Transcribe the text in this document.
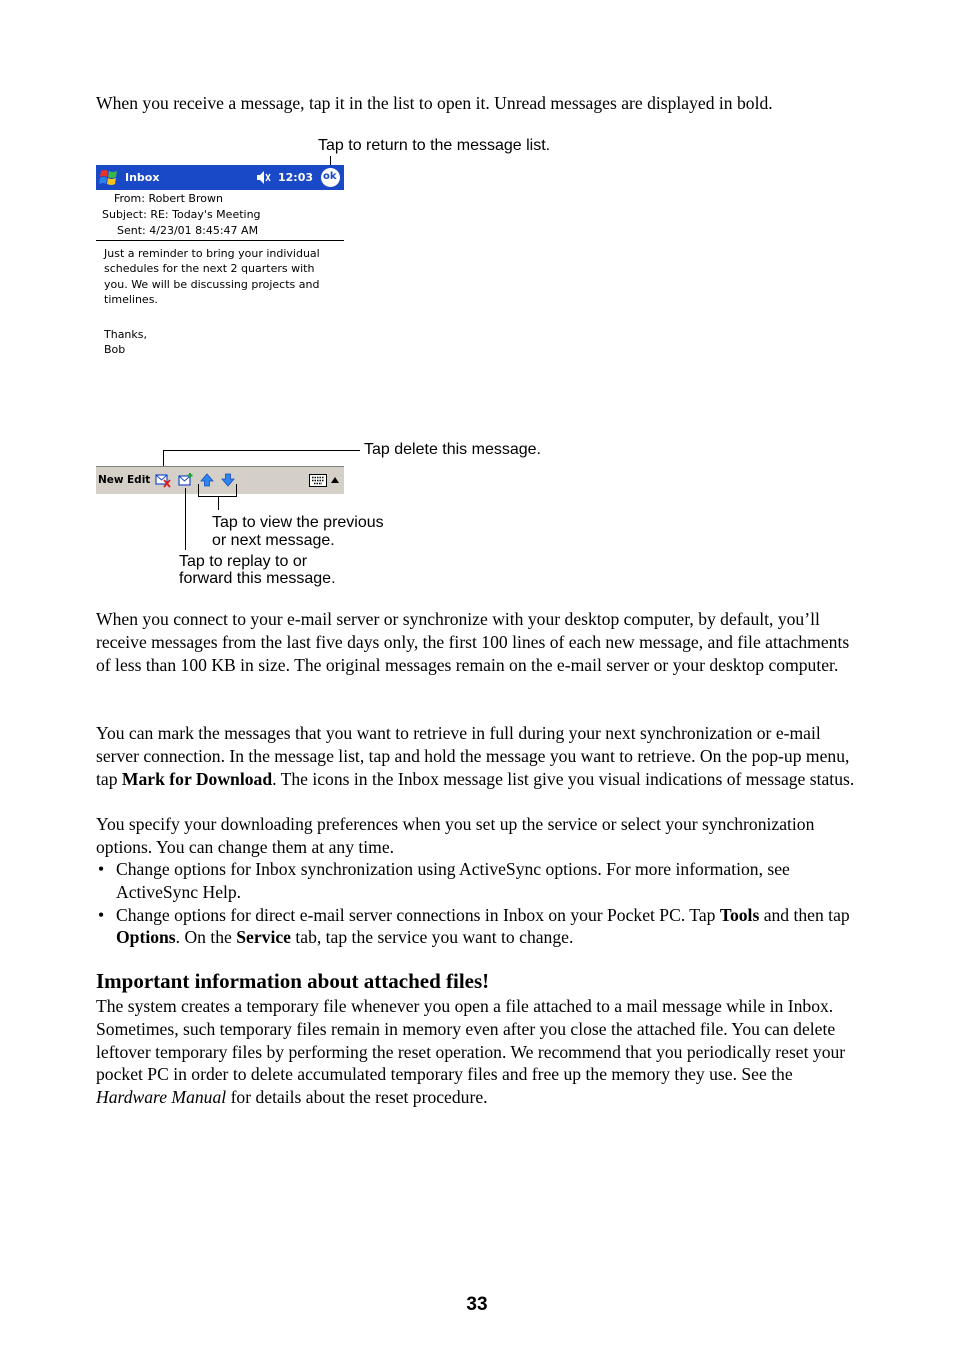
When you receive a message, tap it in the list to open it. Unread messages are displayed in bold.
Tap to return to the message list.
Inbox	12:03 ok
From: Robert Brown
Subject: RE: Today's Meeting
Sent: 4/23/01 8:45:47 AM
Just a reminder to bring your individual
schedules for the next 2 quarters with
you. We will be discussing projects and
timelines.
Thanks,
Bob
Tap delete this message.
New Edit
Tap to view the previous
or next message.
Tap to replay to or
forward this message.
When you connect to your e-mail server or synchronize with your desktop computer, by default, you’ll receive messages from the last five days only, the first 100 lines of each new message, and file attachments of less than 100 KB in size. The original messages remain on the e-mail server or your desktop computer.
You can mark the messages that you want to retrieve in full during your next synchronization or e-mail server connection. In the message list, tap and hold the message you want to retrieve. On the pop-up menu, tap Mark for Download. The icons in the Inbox message list give you visual indications of message status.
You specify your downloading preferences when you set up the service or select your synchronization options. You can change them at any time.
• Change options for Inbox synchronization using ActiveSync options. For more information, see ActiveSync Help.
• Change options for direct e-mail server connections in Inbox on your Pocket PC. Tap Tools and then tap Options. On the Service tab, tap the service you want to change.
Important information about attached files!
The system creates a temporary file whenever you open a file attached to a mail message while in Inbox. Sometimes, such temporary files remain in memory even after you close the attached file. You can delete leftover temporary files by performing the reset operation. We recommend that you periodically reset your pocket PC in order to delete accumulated temporary files and free up the memory they use. See the Hardware Manual for details about the reset procedure.
33
